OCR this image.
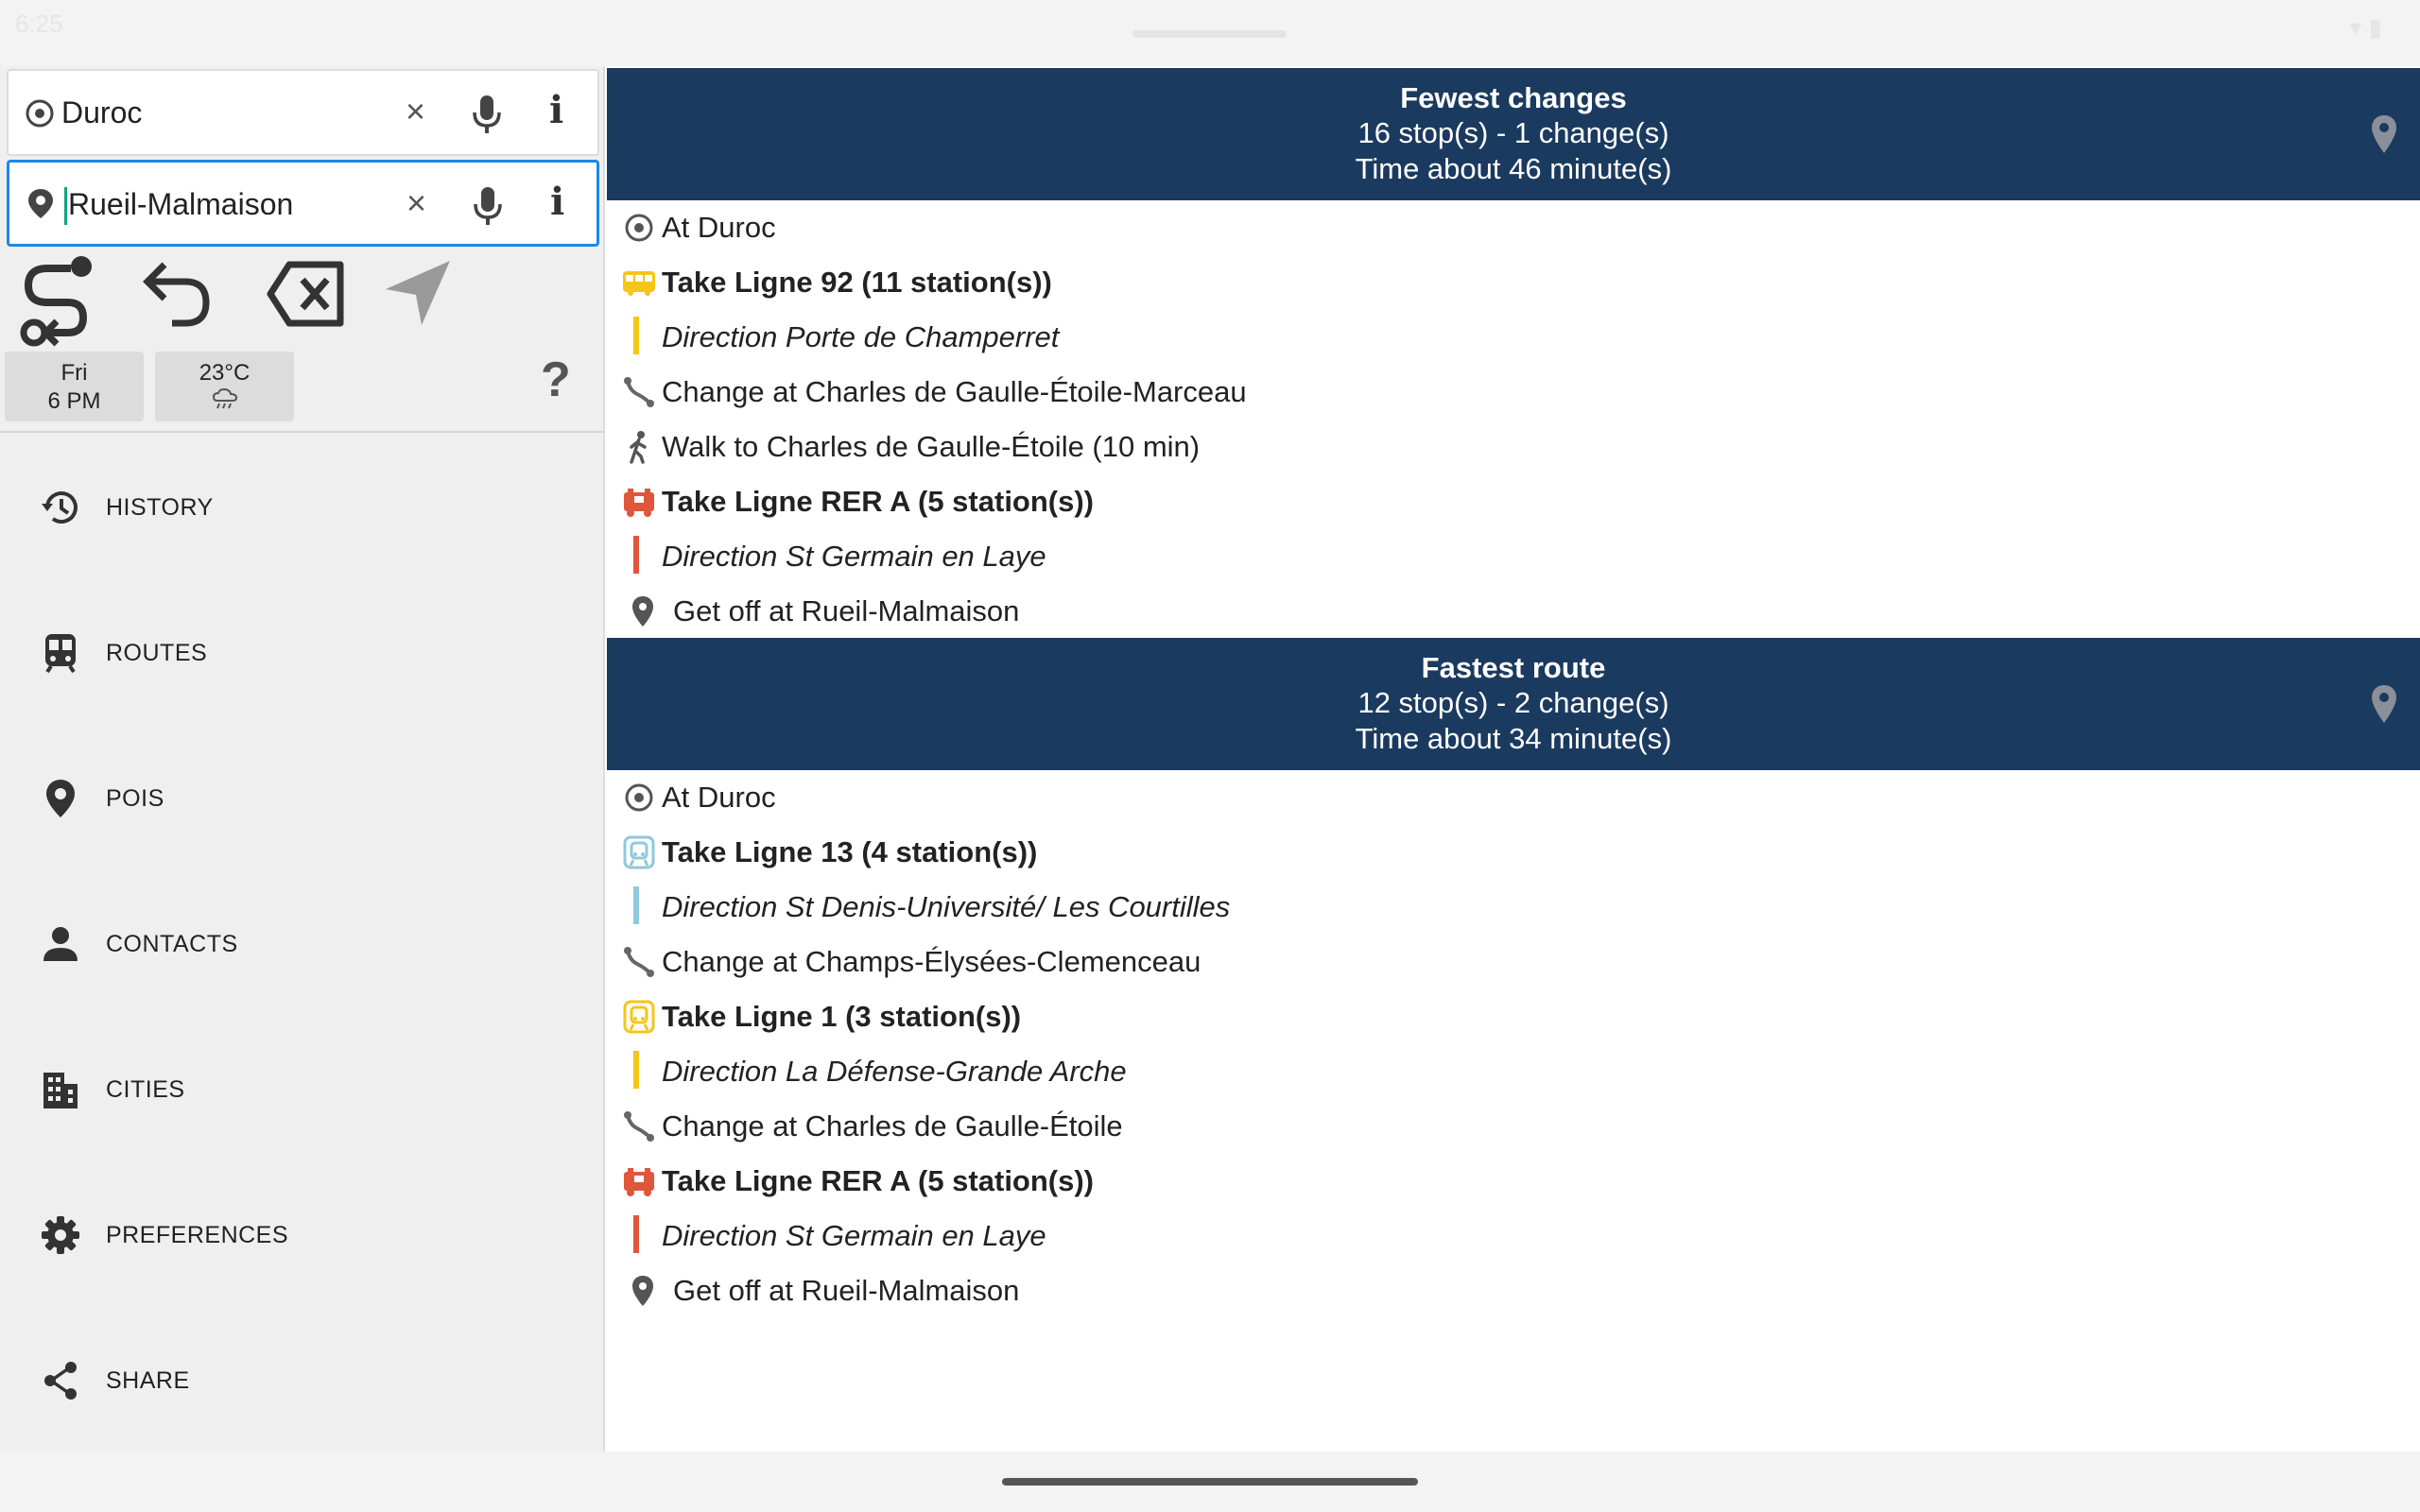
6:25	▾ ▮
Duroc	×	i
Rueil-Malmaison	×	i
Fri
6 PM
23°C	?
HISTORY
ROUTES
POIS
CONTACTS
CITIES
PREFERENCES
SHARE
Fewest changes
16 stop(s) - 1 change(s)
Time about 46 minute(s)
At Duroc
Take Ligne 92 (11 station(s))
Direction Porte de Champerret
Change at Charles de Gaulle-Étoile-Marceau
Walk to Charles de Gaulle-Étoile (10 min)
Take Ligne RER A (5 station(s))
Direction St Germain en Laye
Get off at Rueil-Malmaison
Fastest route
12 stop(s) - 2 change(s)
Time about 34 minute(s)
At Duroc
Take Ligne 13 (4 station(s))
Direction St Denis-Université/ Les Courtilles
Change at Champs-Élysées-Clemenceau
Take Ligne 1 (3 station(s))
Direction La Défense-Grande Arche
Change at Charles de Gaulle-Étoile
Take Ligne RER A (5 station(s))
Direction St Germain en Laye
Get off at Rueil-Malmaison
